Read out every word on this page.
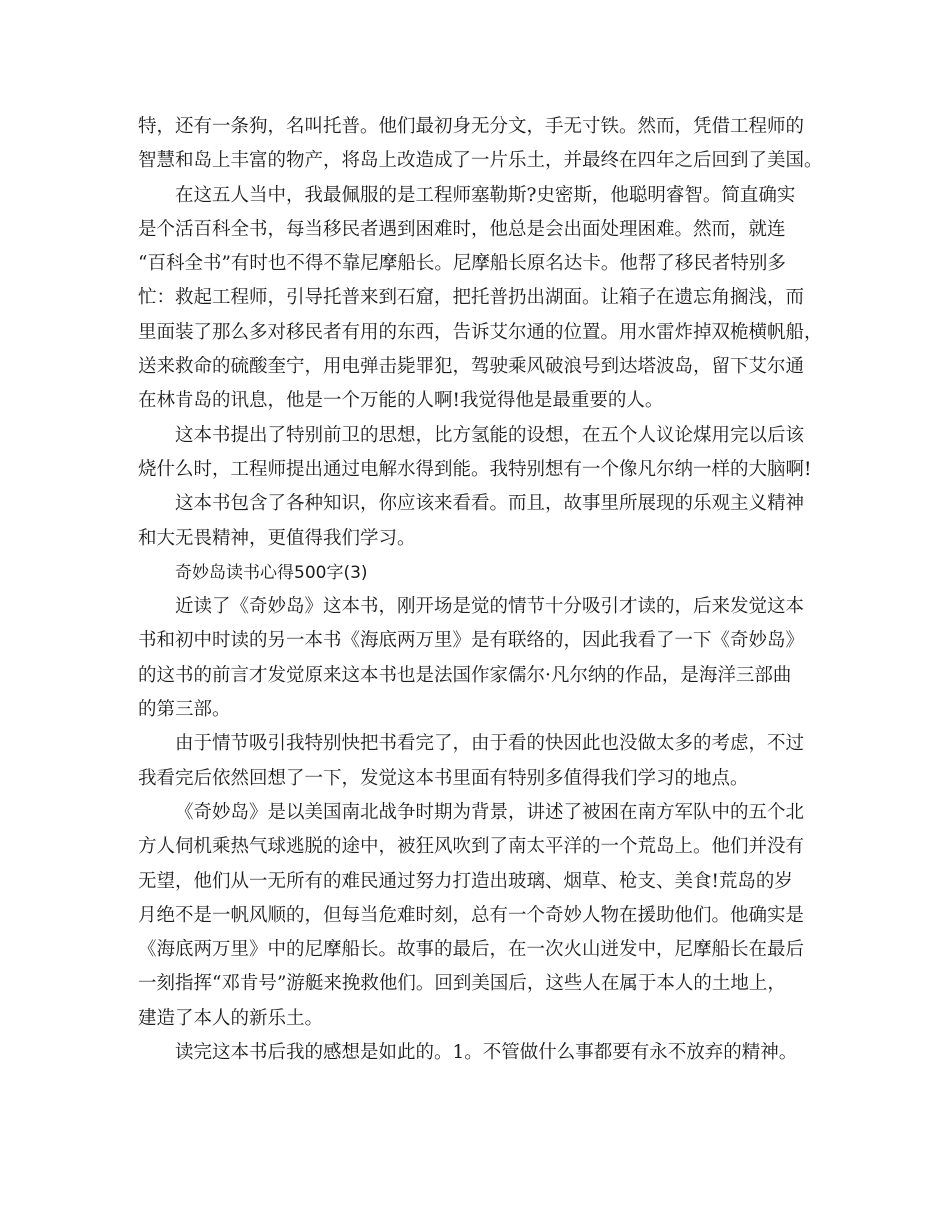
特，还有一条狗，名叫托普。他们最初身无分文，手无寸铁。然而，凭借工程师的
智慧和岛上丰富的物产，将岛上改造成了一片乐土，并最终在四年之后回到了美国。
在这五人当中，我最佩服的是工程师塞勒斯?史密斯，他聪明睿智。简直确实
是个活百科全书，每当移民者遇到困难时，他总是会出面处理困难。然而，就连
“百科全书”有时也不得不靠尼摩船长。尼摩船长原名达卡。他帮了移民者特别多
忙：救起工程师，引导托普来到石窟，把托普扔出湖面。让箱子在遗忘角搁浅，而
里面装了那么多对移民者有用的东西，告诉艾尔通的位置。用水雷炸掉双桅横帆船，
送来救命的硫酸奎宁，用电弹击毙罪犯，驾驶乘风破浪号到达塔波岛，留下艾尔通
在林肯岛的讯息，他是一个万能的人啊!我觉得他是最重要的人。
这本书提出了特别前卫的思想，比方氢能的设想，在五个人议论煤用完以后该
烧什么时，工程师提出通过电解水得到能。我特别想有一个像凡尔纳一样的大脑啊!
这本书包含了各种知识，你应该来看看。而且，故事里所展现的乐观主义精神
和大无畏精神，更值得我们学习。
奇妙岛读书心得500字(3)
近读了《奇妙岛》这本书，刚开场是觉的情节十分吸引才读的，后来发觉这本
书和初中时读的另一本书《海底两万里》是有联络的，因此我看了一下《奇妙岛》
的这书的前言才发觉原来这本书也是法国作家儒尔·凡尔纳的作品，是海洋三部曲
的第三部。
由于情节吸引我特别快把书看完了，由于看的快因此也没做太多的考虑，不过
我看完后依然回想了一下，发觉这本书里面有特别多值得我们学习的地点。
《奇妙岛》是以美国南北战争时期为背景，讲述了被困在南方军队中的五个北
方人伺机乘热气球逃脱的途中，被狂风吹到了南太平洋的一个荒岛上。他们并没有
无望，他们从一无所有的难民通过努力打造出玻璃、烟草、枪支、美食!荒岛的岁
月绝不是一帆风顺的，但每当危难时刻，总有一个奇妙人物在援助他们。他确实是
《海底两万里》中的尼摩船长。故事的最后，在一次火山迸发中，尼摩船长在最后
一刻指挥“邓肯号”游艇来挽救他们。回到美国后，这些人在属于本人的土地上，
建造了本人的新乐土。
读完这本书后我的感想是如此的。1。不管做什么事都要有永不放弃的精神。
